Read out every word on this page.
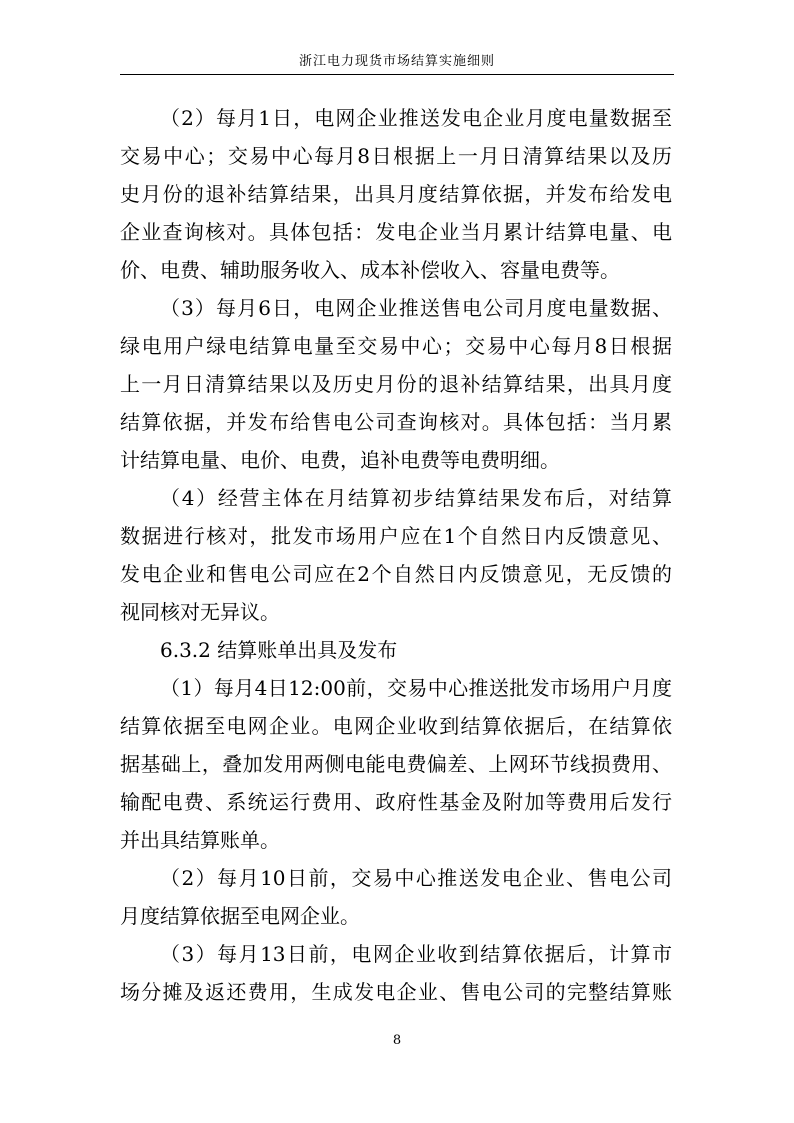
浙江电力现货市场结算实施细则
（2）每月1日，电网企业推送发电企业月度电量数据至
交易中心；交易中心每月8日根据上一月日清算结果以及历
史月份的退补结算结果，出具月度结算依据，并发布给发电
企业查询核对。具体包括：发电企业当月累计结算电量、电
价、电费、辅助服务收入、成本补偿收入、容量电费等。
（3）每月6日，电网企业推送售电公司月度电量数据、
绿电用户绿电结算电量至交易中心；交易中心每月8日根据
上一月日清算结果以及历史月份的退补结算结果，出具月度
结算依据，并发布给售电公司查询核对。具体包括：当月累
计结算电量、电价、电费，追补电费等电费明细。
（4）经营主体在月结算初步结算结果发布后，对结算
数据进行核对，批发市场用户应在1个自然日内反馈意见、
发电企业和售电公司应在2个自然日内反馈意见，无反馈的
视同核对无异议。
6.3.2 结算账单出具及发布
（1）每月4日12:00前，交易中心推送批发市场用户月度
结算依据至电网企业。电网企业收到结算依据后，在结算依
据基础上，叠加发用两侧电能电费偏差、上网环节线损费用、
输配电费、系统运行费用、政府性基金及附加等费用后发行
并出具结算账单。
（2）每月10日前，交易中心推送发电企业、售电公司
月度结算依据至电网企业。
（3）每月13日前，电网企业收到结算依据后，计算市
场分摊及返还费用，生成发电企业、售电公司的完整结算账
8
